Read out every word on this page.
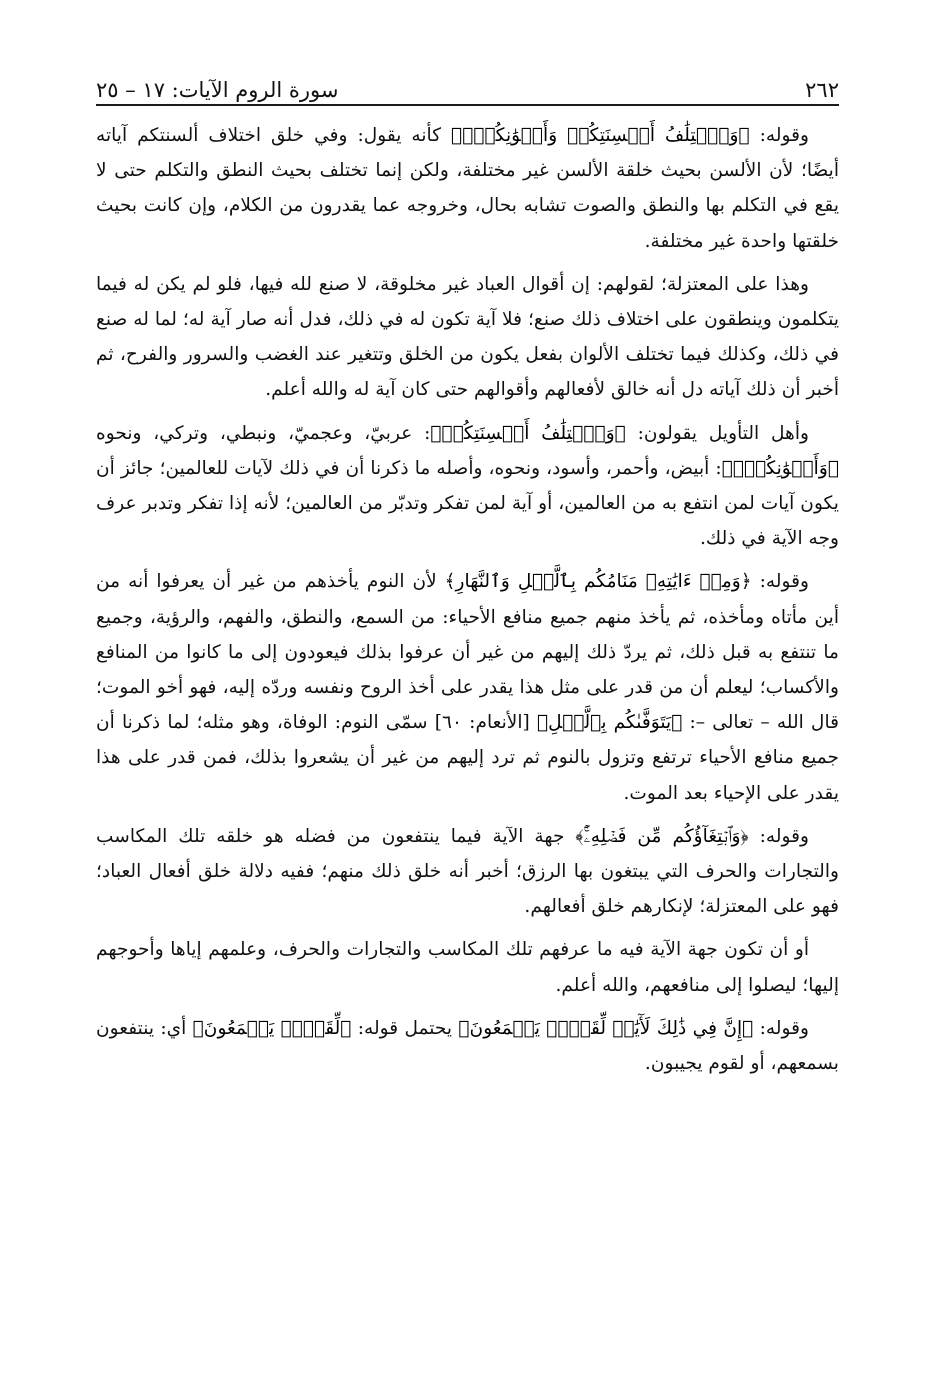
٢٦٢
سورة الروم الآيات: ١٧ – ٢٥

وقوله: ﴿وَٱخۡتِلَٰفُ أَلۡسِنَتِكُمۡ وَأَلۡوَٰنِكُمۡۚ﴾ كأنه يقول: وفي خلق اختلاف ألسنتكم آياته أيضًا؛ لأن الألسن بحيث خلقة الألسن غير مختلفة، ولكن إنما تختلف بحيث النطق والتكلم حتى لا يقع في التكلم بها والنطق والصوت تشابه بحال، وخروجه عما يقدرون من الكلام، وإن كانت بحيث خلقتها واحدة غير مختلفة.

وهذا على المعتزلة؛ لقولهم: إن أقوال العباد غير مخلوقة، لا صنع لله فيها، فلو لم يكن له فيما يتكلمون وينطقون على اختلاف ذلك صنع؛ فلا آية تكون له في ذلك، فدل أنه صار آية له؛ لما له صنع في ذلك، وكذلك فيما تختلف الألوان بفعل يكون من الخلق وتتغير عند الغضب والسرور والفرح، ثم أخبر أن ذلك آياته دل أنه خالق لأفعالهم وأقوالهم حتى كان آية له والله أعلم.

وأهل التأويل يقولون: ﴿وَٱخۡتِلَٰفُ أَلۡسِنَتِكُمۡ﴾: عربيّ، وعجميّ، ونبطي، وتركي، ونحوه ﴿وَأَلۡوَٰنِكُمۡۚ﴾: أبيض، وأحمر، وأسود، ونحوه، وأصله ما ذكرنا أن في ذلك لآيات للعالمين؛ جائز أن يكون آيات لمن انتفع به من العالمين، أو آية لمن تفكر وتدبّر من العالمين؛ لأنه إذا تفكر وتدبر عرف وجه الآية في ذلك.

وقوله: ﴿وَمِنۡ ءَايَٰتِهِۦ مَنَامُكُم بِٱلَّيۡلِ وَٱلنَّهَارِ﴾ لأن النوم يأخذهم من غير أن يعرفوا أنه من أين مأتاه ومأخذه، ثم يأخذ منهم جميع منافع الأحياء: من السمع، والنطق، والفهم، والرؤية، وجميع ما تنتفع به قبل ذلك، ثم يردّ ذلك إليهم من غير أن عرفوا بذلك فيعودون إلى ما كانوا من المنافع والأكساب؛ ليعلم أن من قدر على مثل هذا يقدر على أخذ الروح ونفسه وردّه إليه، فهو أخو الموت؛ قال الله – تعالى –: ﴿يَتَوَفَّىٰكُم بِٱلَّيۡلِ﴾ [الأنعام: ٦٠] سمّى النوم: الوفاة، وهو مثله؛ لما ذكرنا أن جميع منافع الأحياء ترتفع وتزول بالنوم ثم ترد إليهم من غير أن يشعروا بذلك، فمن قدر على هذا يقدر على الإحياء بعد الموت.

وقوله: ﴿وَٱبۡتِغَآؤُكُم مِّن فَضۡلِهِۦٓۚ﴾ جهة الآية فيما ينتفعون من فضله هو خلقه تلك المكاسب والتجارات والحرف التي يبتغون بها الرزق؛ أخبر أنه خلق ذلك منهم؛ ففيه دلالة خلق أفعال العباد؛ فهو على المعتزلة؛ لإنكارهم خلق أفعالهم.

أو أن تكون جهة الآية فيه ما عرفهم تلك المكاسب والتجارات والحرف، وعلمهم إياها وأحوجهم إليها؛ ليصلوا إلى منافعهم، والله أعلم.

وقوله: ﴿إِنَّ فِي ذَٰلِكَ لَأٓيَٰتٖ لِّقَوۡمٖ يَسۡمَعُونَ﴾ يحتمل قوله: ﴿لِّقَوۡمٖ يَسۡمَعُونَ﴾ أي: ينتفعون بسمعهم، أو لقوم يجيبون.
